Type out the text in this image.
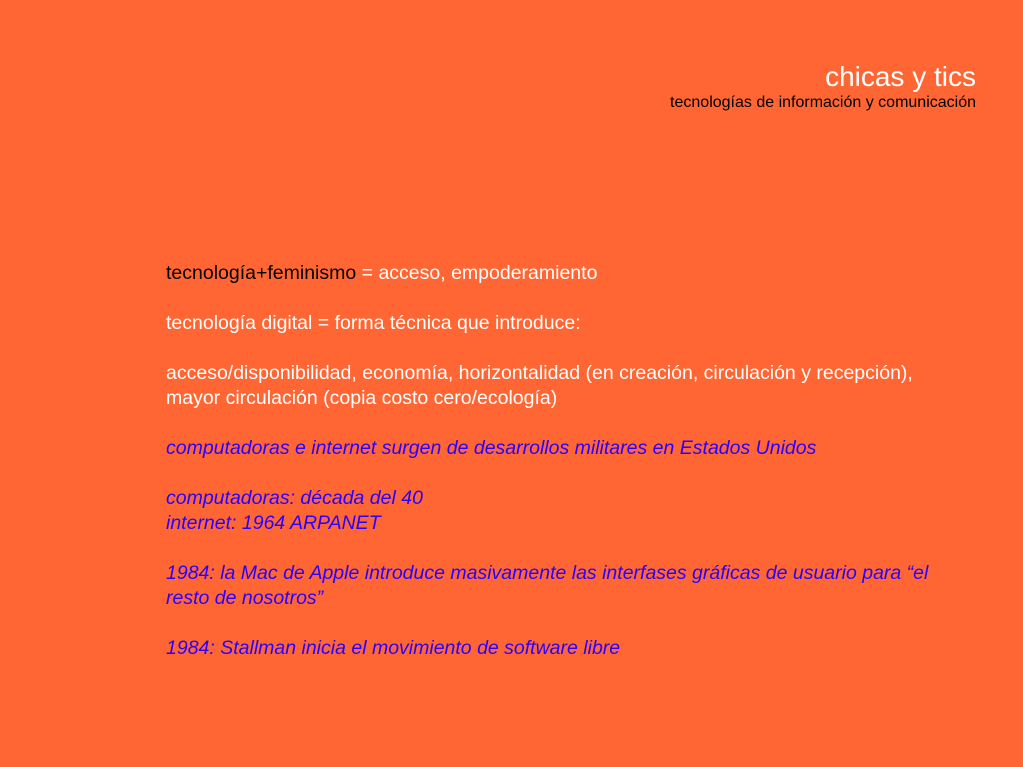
chicas y tics
tecnologías de información y comunicación

tecnología+feminismo = acceso, empoderamiento

tecnología digital = forma técnica que introduce:

acceso/disponibilidad, economía, horizontalidad (en creación, circulación y recepción), mayor circulación (copia costo cero/ecología)

computadoras e internet surgen de desarrollos militares en Estados Unidos

computadoras: década del 40
internet: 1964 ARPANET

1984: la Mac de Apple introduce masivamente las interfases gráficas de usuario para “el resto de nosotros”

1984: Stallman inicia el movimiento de software libre
